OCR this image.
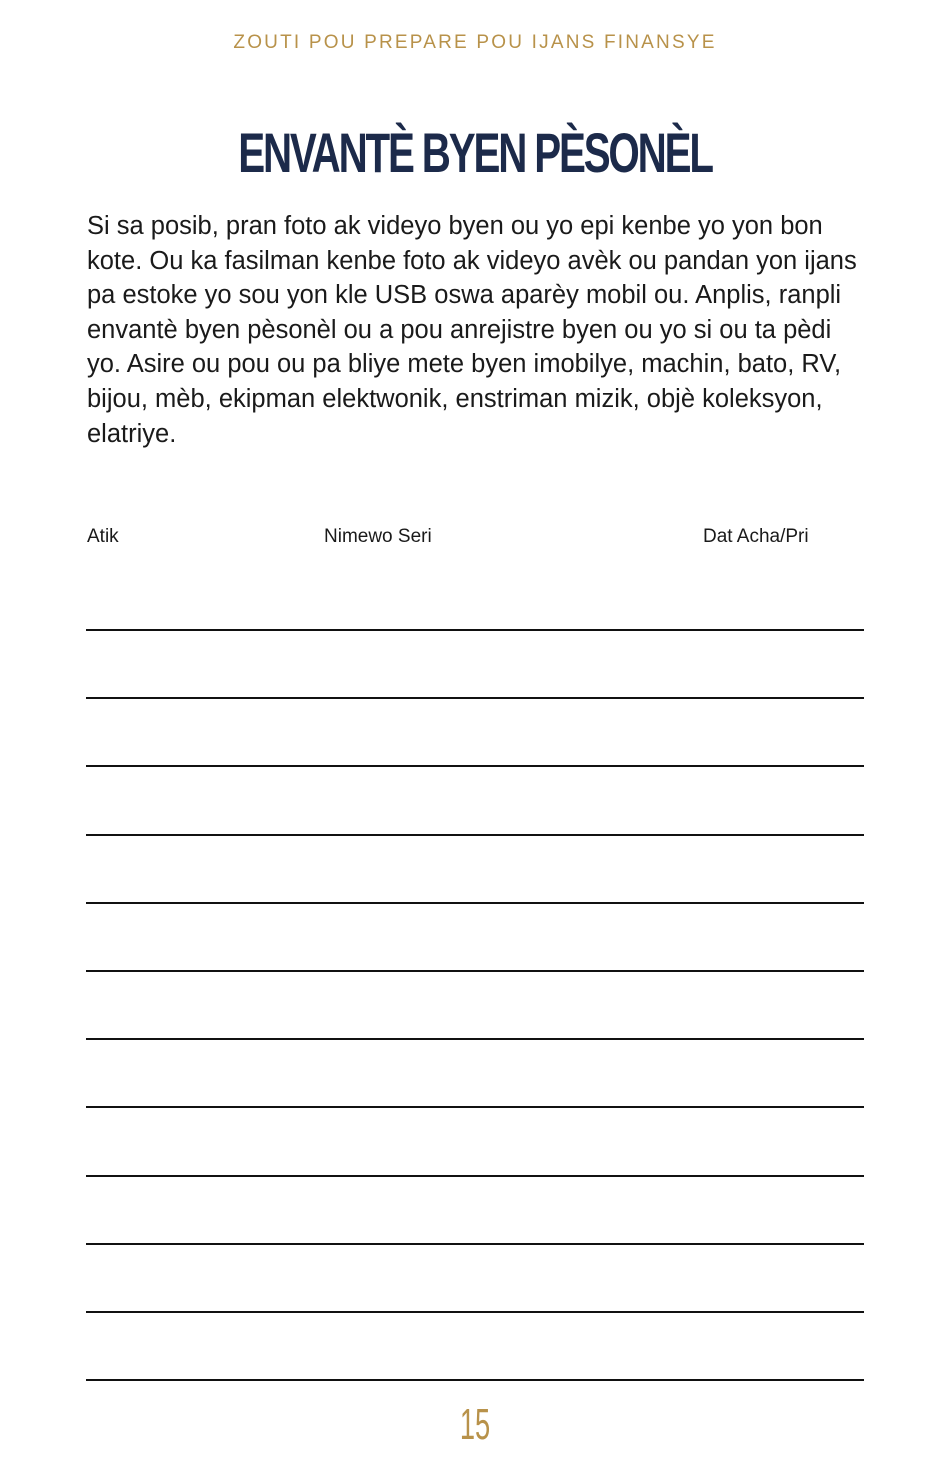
ZOUTI POU PREPARE POU IJANS FINANSYE
ENVANTÈ BYEN PÈSONÈL

Si sa posib, pran foto ak videyo byen ou yo epi kenbe yo yon bon kote. Ou ka fasilman kenbe foto ak videyo avèk ou pandan yon ijans pa estoke yo sou yon kle USB oswa aparèy mobil ou. Anplis, ranpli envantè byen pèsonèl ou a pou anrejistre byen ou yo si ou ta pèdi yo. Asire ou pou ou pa bliye mete byen imobilye, machin, bato, RV, bijou, mèb, ekipman elektwonik, enstriman mizik, objè koleksyon, elatriye.

Atik	Nimewo Seri	Dat Acha/Pri
15
